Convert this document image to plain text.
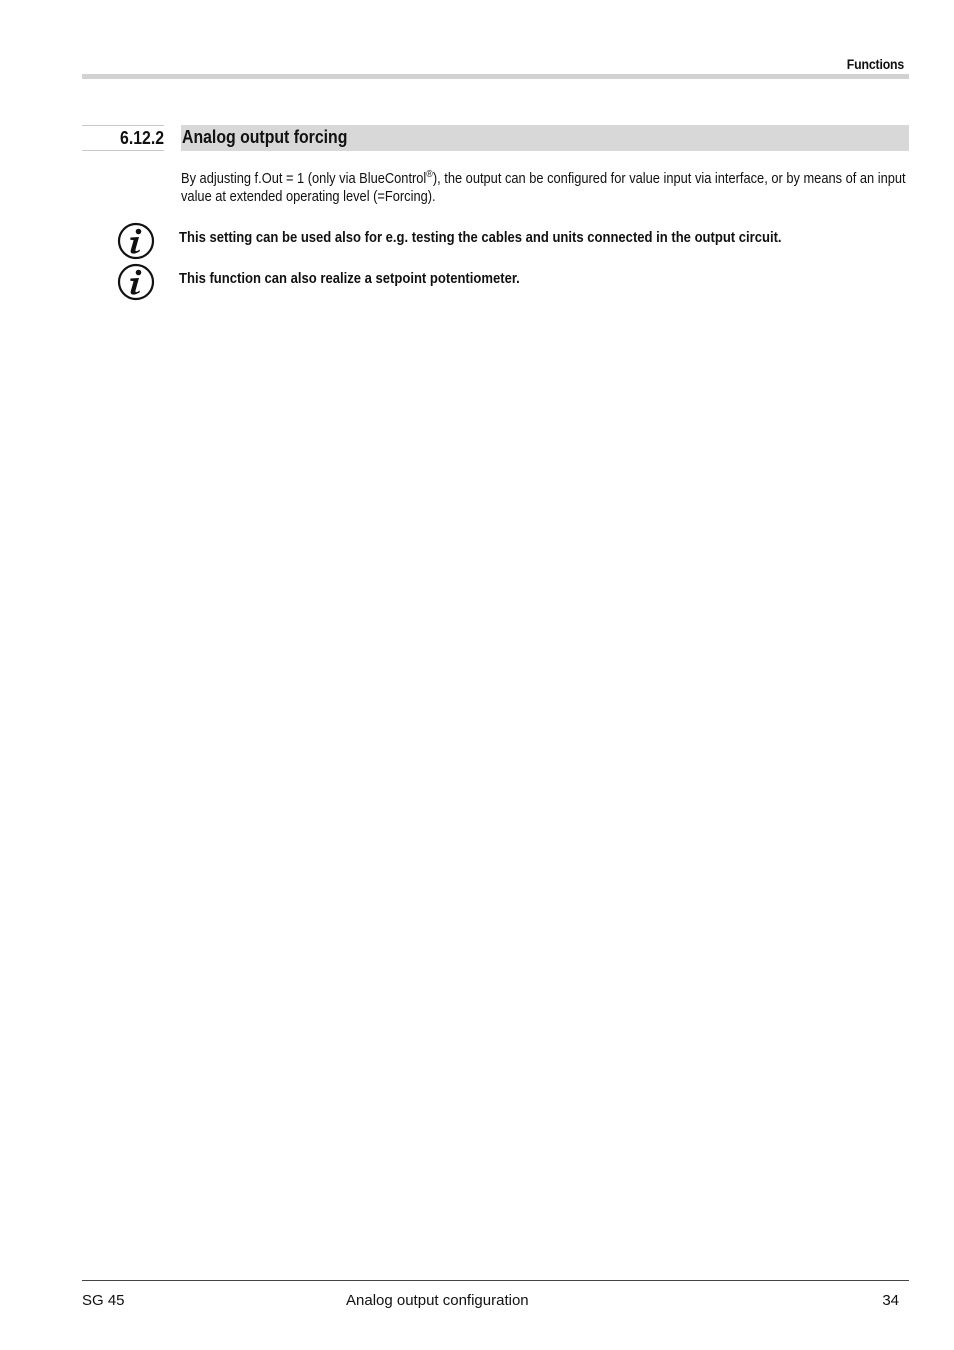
Functions
6.12.2 Analog output forcing
By adjusting f.Out = 1 (only via BlueControl®), the output can be configured for value input via interface, or by means of an input value at extended operating level (=Forcing).
This setting can be used also for e.g. testing the cables and units connected in the output circuit.
This function can also realize a setpoint potentiometer.
SG 45	Analog output configuration	34
